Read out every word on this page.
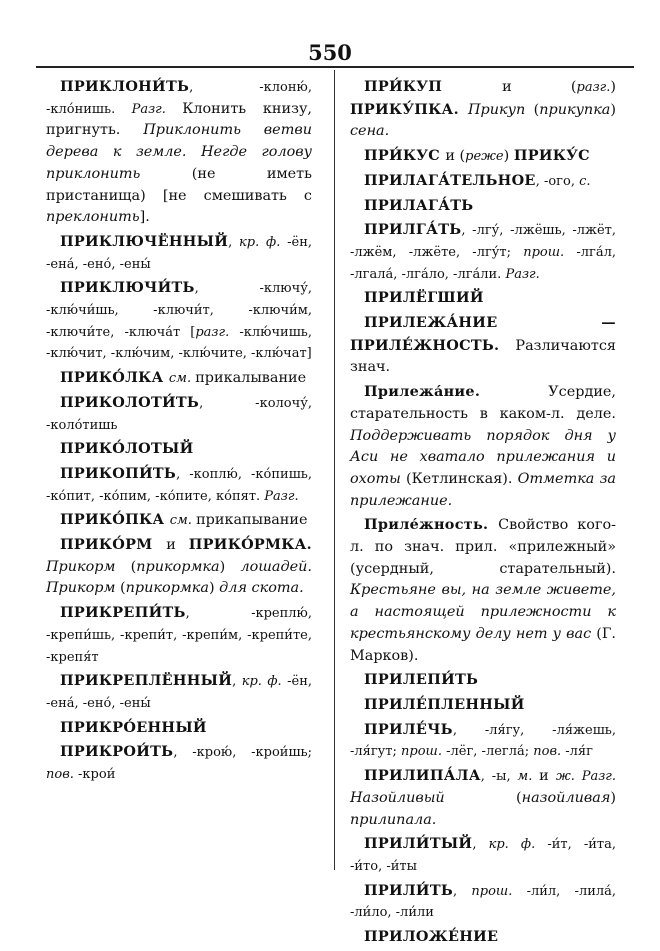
550

ПРИКЛОНИ́ТЬ, -клоню́, -кло́нишь. Разг. Клонить книзу, пригнуть. Приклонить ветви дерева к земле. Негде голову приклонить (не иметь пристанища) [не смешивать с преклонить].

ПРИКЛЮЧЁННЫЙ, кр. ф. -ён, -ена́, -ено́, -ены́

ПРИКЛЮЧИ́ТЬ, -ключу́, -клю́чи́шь, -ключи́т, -ключи́м, -ключи́те, -ключа́т [разг. -клю́чишь, -клю́чит, -клю́чим, -клю́чите, -клю́чат]

ПРИКО́ЛКА см. прикалывание

ПРИКОЛОТИ́ТЬ, -колочу́, -коло́тишь

ПРИКО́ЛОТЫЙ

ПРИКОПИ́ТЬ, -коплю́, -ко́пишь, -ко́пит, -ко́пим, -ко́пите, ко́пят. Разг.

ПРИКО́ПКА см. прикапывание

ПРИКО́РМ и ПРИКО́РМКА. Прикорм (прикормка) лошадей. Прикорм (прикормка) для скота.

ПРИКРЕПИ́ТЬ, -креплю́, -крепи́шь, -крепи́т, -крепи́м, -крепи́те, -крепя́т

ПРИКРЕПЛЁННЫЙ, кр. ф. -ён, -ена́, -ено́, -ены́

ПРИКРО́ЕННЫЙ

ПРИКРОИ́ТЬ, -крою́, -крои́шь; пов. -крои́

ПРИ́КУП и (разг.) ПРИКУ́ПКА. Прикуп (прикупка) сена.

ПРИ́КУС и (реже) ПРИКУ́С

ПРИЛАГА́ТЕЛЬНОЕ, -ого, с.

ПРИЛАГА́ТЬ

ПРИЛГА́ТЬ, -лгу́, -лжёшь, -лжёт, -лжём, -лжёте, -лгу́т; прош. -лга́л, -лгала́, -лга́ло, -лга́ли. Разг.

ПРИЛЁГШИЙ

ПРИЛЕЖА́НИЕ — ПРИЛЕ́ЖНОСТЬ. Различаются знач.

Прилежа́ние. Усердие, старательность в каком-л. деле. Поддерживать порядок дня у Аси не хватало прилежания и охоты (Кетлинская). Отметка за прилежание.

Приле́жность. Свойство кого-л. по знач. прил. «прилежный» (усердный, старательный). Крестьяне вы, на земле живете, а настоящей прилежности к крестьянскому делу нет у вас (Г. Марков).

ПРИЛЕПИ́ТЬ

ПРИЛЕ́ПЛЕННЫЙ

ПРИЛЕ́ЧЬ, -ля́гу, -ля́жешь, -ля́гут; прош. -лёг, -легла́; пов. -ля́г

ПРИЛИПА́ЛА, -ы, м. и ж. Разг. Назойливый (назойливая) прилипала.

ПРИЛИ́ТЫЙ, кр. ф. -и́т, -и́та, -и́то, -и́ты

ПРИЛИ́ТЬ, прош. -ли́л, -лила́, -ли́ло, -ли́ли

ПРИЛОЖЕ́НИЕ
